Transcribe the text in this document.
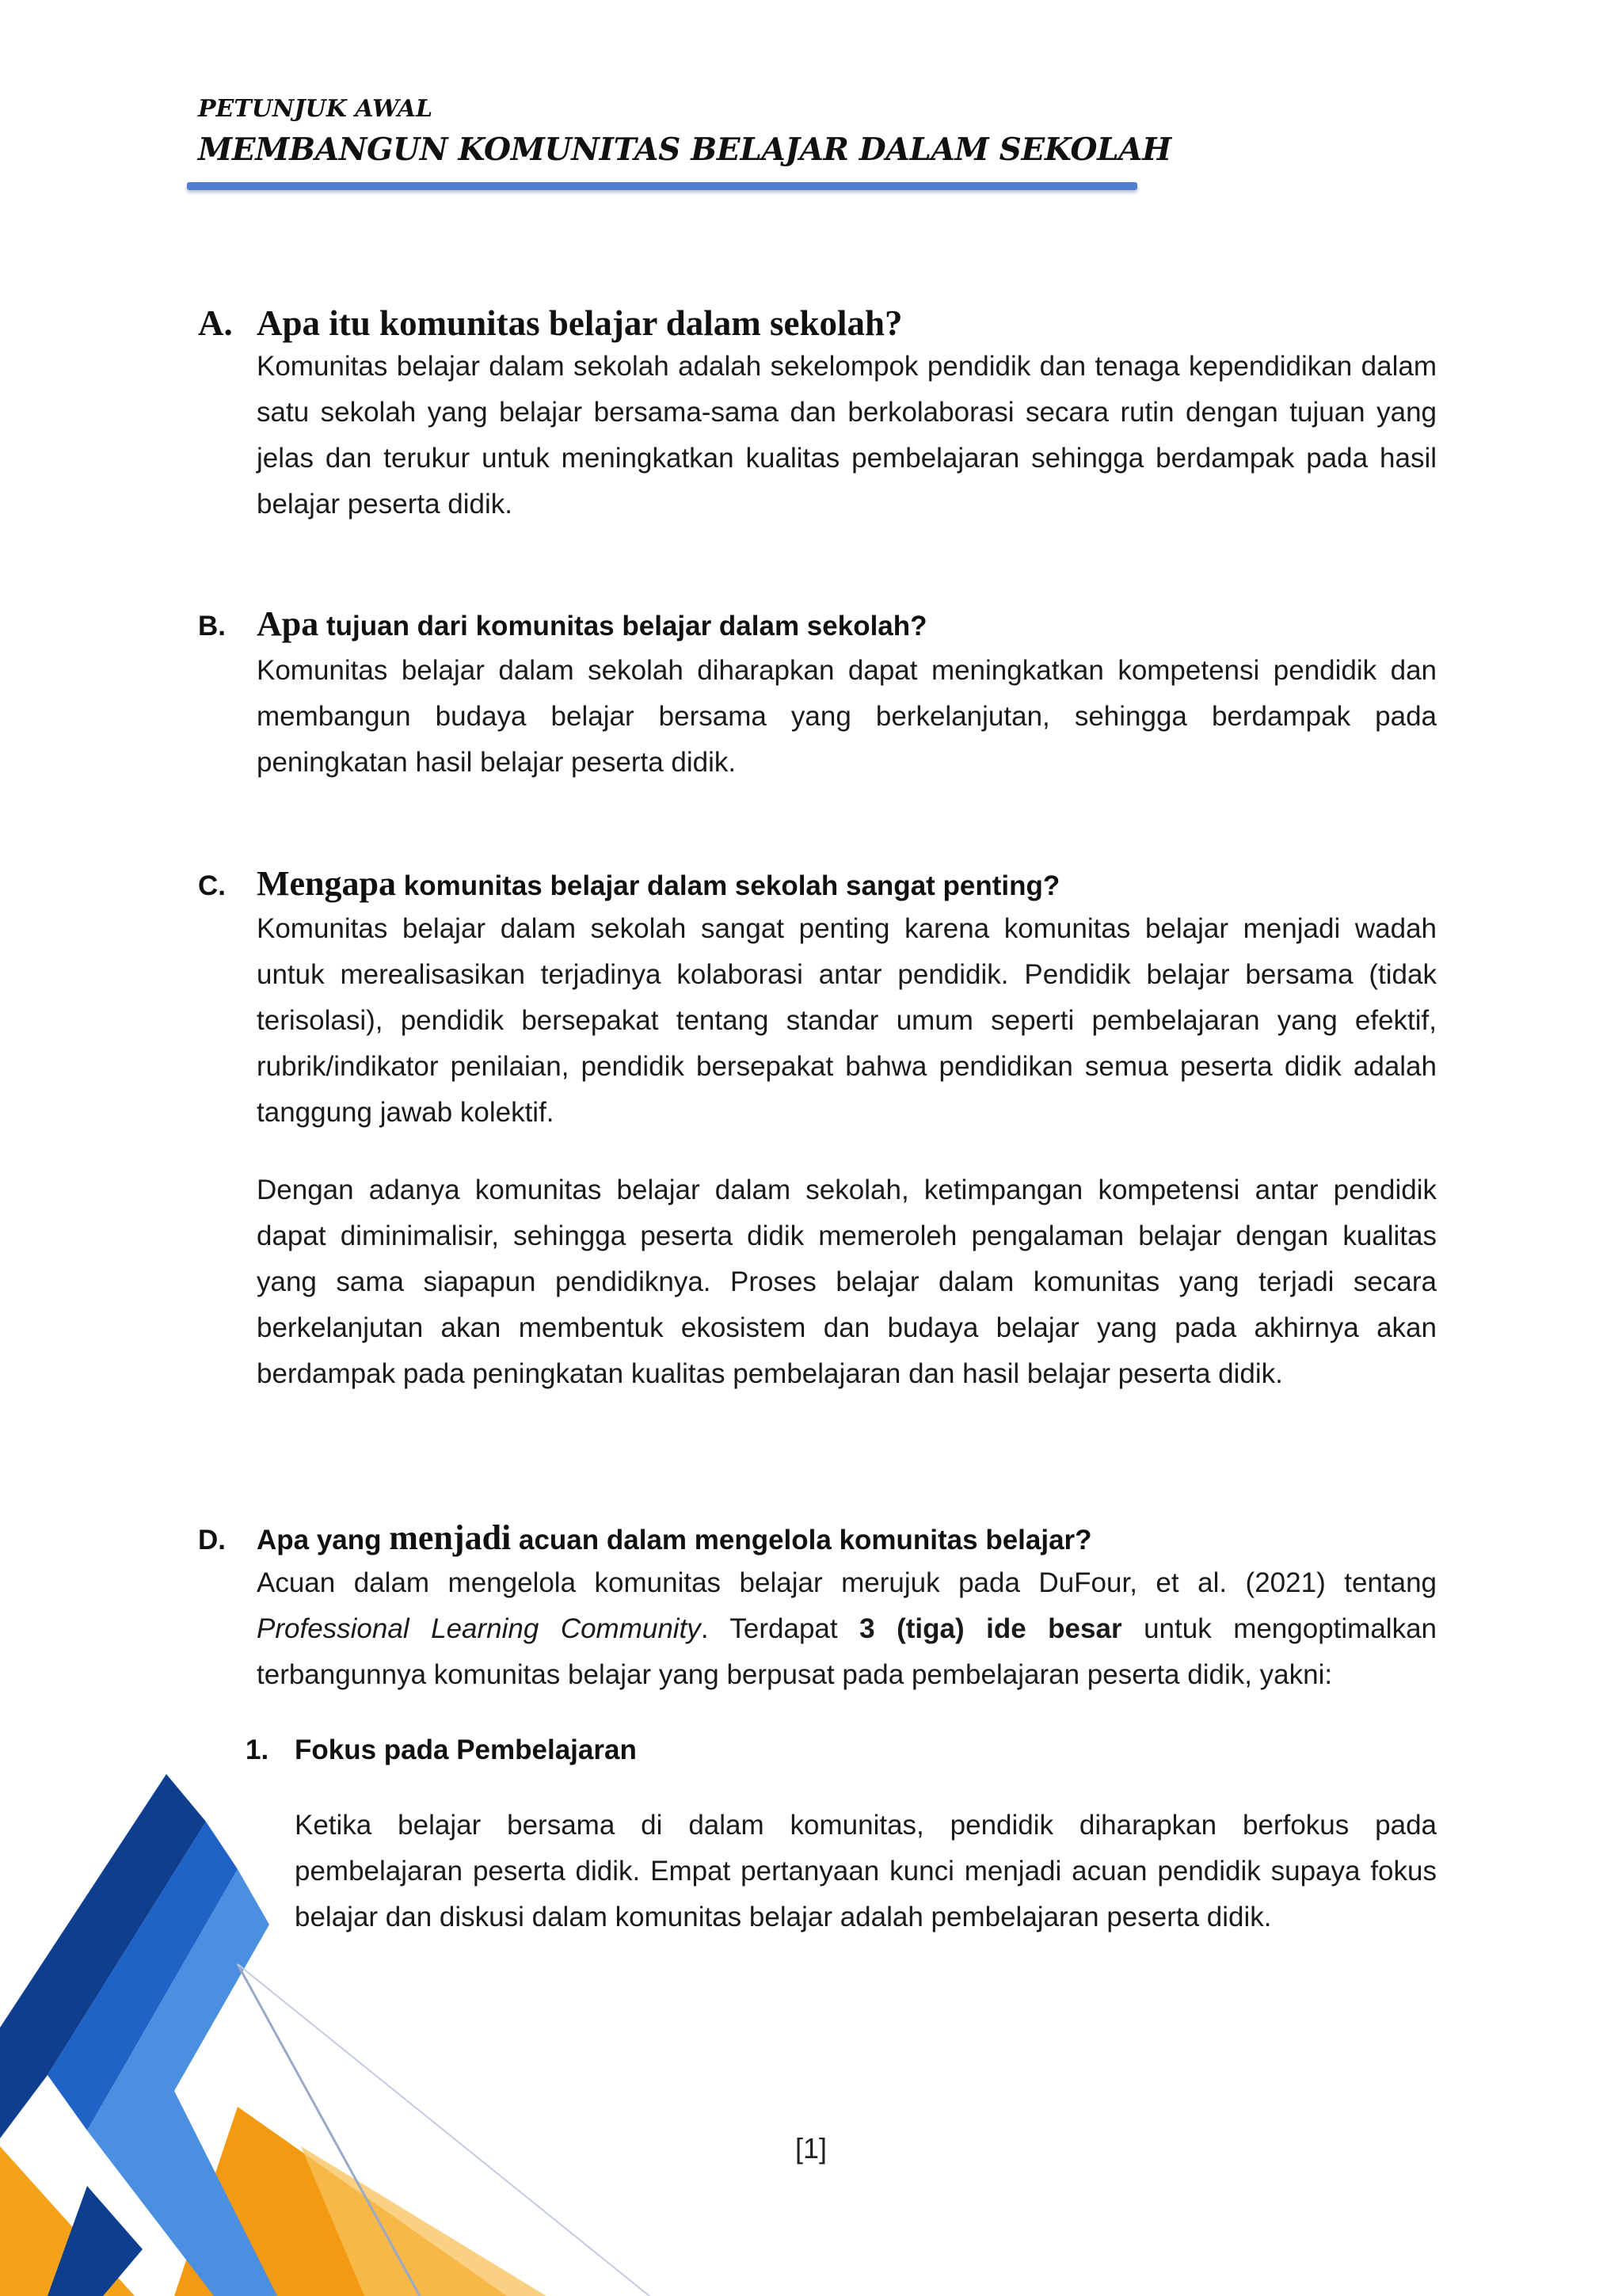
PETUNJUK AWAL

MEMBANGUN KOMUNITAS BELAJAR DALAM SEKOLAH

A. Apa itu komunitas belajar dalam sekolah?

Komunitas belajar dalam sekolah adalah sekelompok pendidik dan tenaga kependidikan dalam satu sekolah yang belajar bersama-sama dan berkolaborasi secara rutin dengan tujuan yang jelas dan terukur untuk meningkatkan kualitas pembelajaran sehingga berdampak pada hasil belajar peserta didik.

B. Apa tujuan dari komunitas belajar dalam sekolah?

Komunitas belajar dalam sekolah diharapkan dapat meningkatkan kompetensi pendidik dan membangun budaya belajar bersama yang berkelanjutan, sehingga berdampak pada peningkatan hasil belajar peserta didik.

C. Mengapa komunitas belajar dalam sekolah sangat penting?

Komunitas belajar dalam sekolah sangat penting karena komunitas belajar menjadi wadah untuk merealisasikan terjadinya kolaborasi antar pendidik. Pendidik belajar bersama (tidak terisolasi), pendidik bersepakat tentang standar umum seperti pembelajaran yang efektif, rubrik/indikator penilaian, pendidik bersepakat bahwa pendidikan semua peserta didik adalah tanggung jawab kolektif.

Dengan adanya komunitas belajar dalam sekolah, ketimpangan kompetensi antar pendidik dapat diminimalisir, sehingga peserta didik memeroleh pengalaman belajar dengan kualitas yang sama siapapun pendidiknya. Proses belajar dalam komunitas yang terjadi secara berkelanjutan akan membentuk ekosistem dan budaya belajar yang pada akhirnya akan berdampak pada peningkatan kualitas pembelajaran dan hasil belajar peserta didik.

D. Apa yang menjadi acuan dalam mengelola komunitas belajar?

Acuan dalam mengelola komunitas belajar merujuk pada DuFour, et al. (2021) tentang Professional Learning Community. Terdapat 3 (tiga) ide besar untuk mengoptimalkan terbangunnya komunitas belajar yang berpusat pada pembelajaran peserta didik, yakni:

1. Fokus pada Pembelajaran

Ketika belajar bersama di dalam komunitas, pendidik diharapkan berfokus pada pembelajaran peserta didik. Empat pertanyaan kunci menjadi acuan pendidik supaya fokus belajar dan diskusi dalam komunitas belajar adalah pembelajaran peserta didik.

[1]
